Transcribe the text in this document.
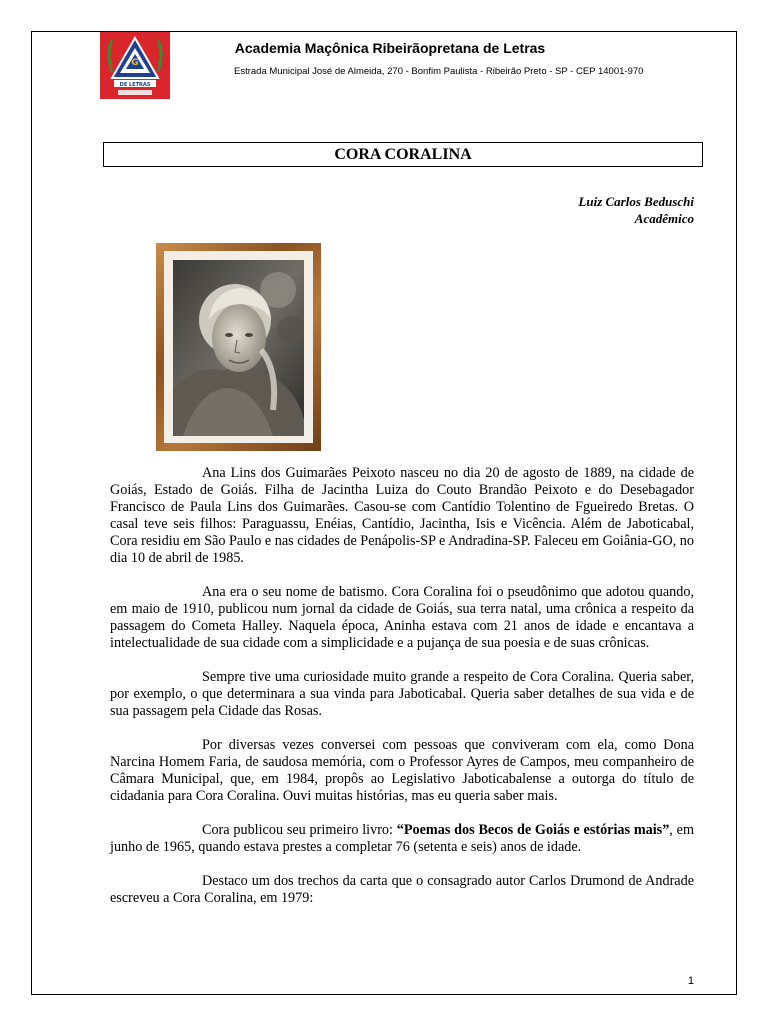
G
DE LETRAS
Academia Maçônica Ribeirãopretana de Letras
Estrada Municipal José de Almeida, 270 - Bonfim Paulista - Ribeirão Preto - SP - CEP 14001-970
CORA CORALINA
Luiz Carlos Beduschi
Acadêmico

Ana Lins dos Guimarães Peixoto nasceu no dia 20 de agosto de 1889, na cidade de Goiás, Estado de Goiás. Filha de Jacintha Luiza do Couto Brandão Peixoto e do Desebagador Francisco de Paula Lins dos Guimarães. Casou-se com Cantídio Tolentino de Fgueiredo Bretas. O casal teve seis filhos: Paraguassu, Enéias, Cantídio, Jacintha, Isis e Vicência. Além de Jaboticabal, Cora residiu em São Paulo e nas cidades de Penápolis-SP e Andradina-SP. Faleceu em Goiânia-GO, no dia 10 de abril de 1985.

Ana era o seu nome de batismo. Cora Coralina foi o pseudônimo que adotou quando, em maio de 1910, publicou num jornal da cidade de Goiás, sua terra natal, uma crônica a respeito da passagem do Cometa Halley. Naquela época, Aninha estava com 21 anos de idade e encantava a intelectualidade de sua cidade com a simplicidade e a pujança de sua poesia e de suas crônicas.

Sempre tive uma curiosidade muito grande a respeito de Cora Coralina. Queria saber, por exemplo, o que determinara a sua vinda para Jaboticabal. Queria saber detalhes de sua vida e de sua passagem pela Cidade das Rosas.

Por diversas vezes conversei com pessoas que conviveram com ela, como Dona Narcina Homem Faria, de saudosa memória, com o Professor Ayres de Campos, meu companheiro de Câmara Municipal, que, em 1984, propôs ao Legislativo Jaboticabalense a outorga do título de cidadania para Cora Coralina. Ouvi muitas histórias, mas eu queria saber mais.

Cora publicou seu primeiro livro: “Poemas dos Becos de Goiás e estórias mais”, em junho de 1965, quando estava prestes a completar 76 (setenta e seis) anos de idade.

Destaco um dos trechos da carta que o consagrado autor Carlos Drumond de Andrade escreveu a Cora Coralina, em 1979:

1
